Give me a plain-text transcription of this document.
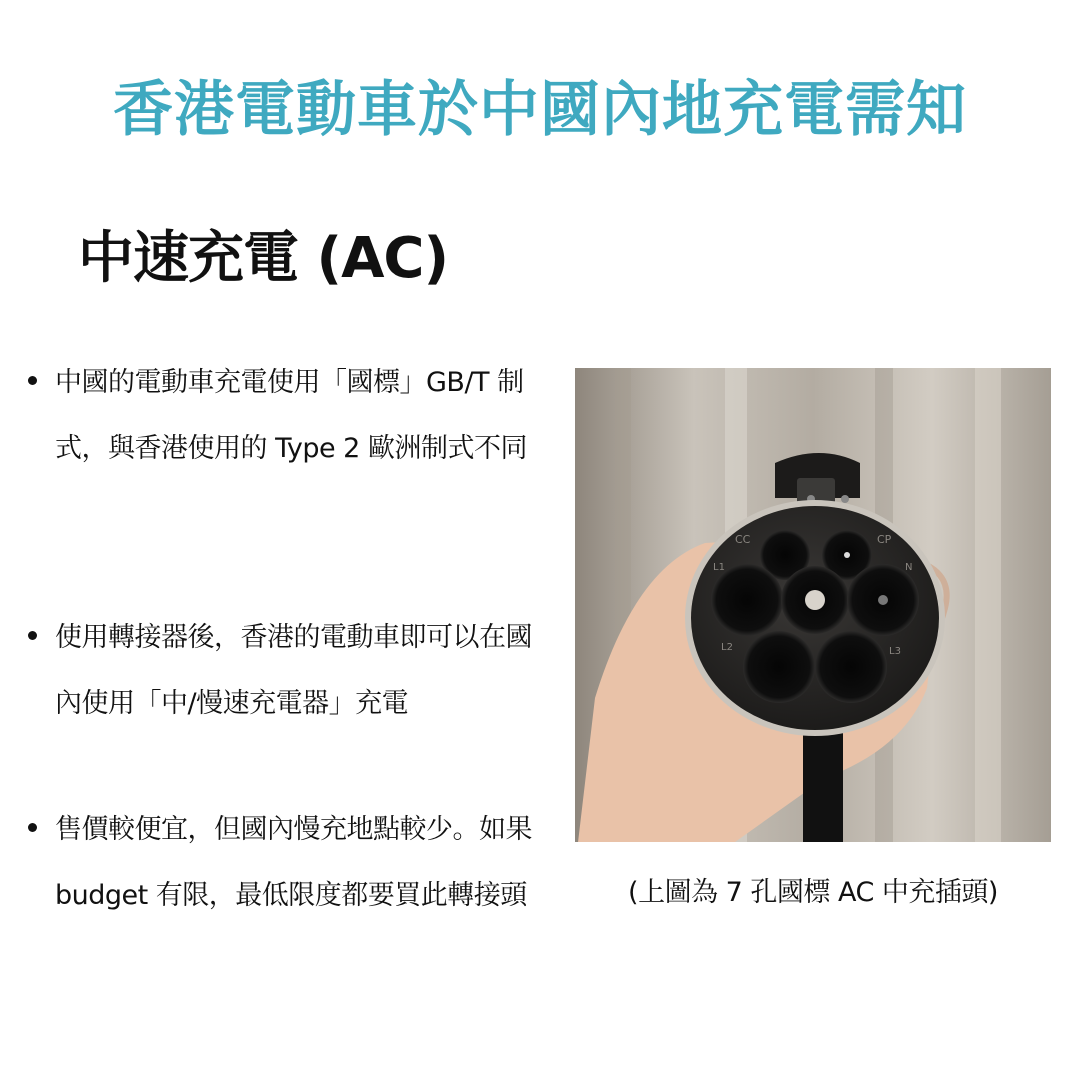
香港電動車於中國內地充電需知
中速充電 (AC)
中國的電動車充電使用「國標」GB/T 制式，與香港使用的 Type 2 歐洲制式不同
使用轉接器後，香港的電動車即可以在國內使用「中/慢速充電器」充電
售價較便宜，但國內慢充地點較少。如果 budget 有限，最低限度都要買此轉接頭
CC	CP
L1	N
L2	L3
(上圖為 7 孔國標 AC 中充插頭)
